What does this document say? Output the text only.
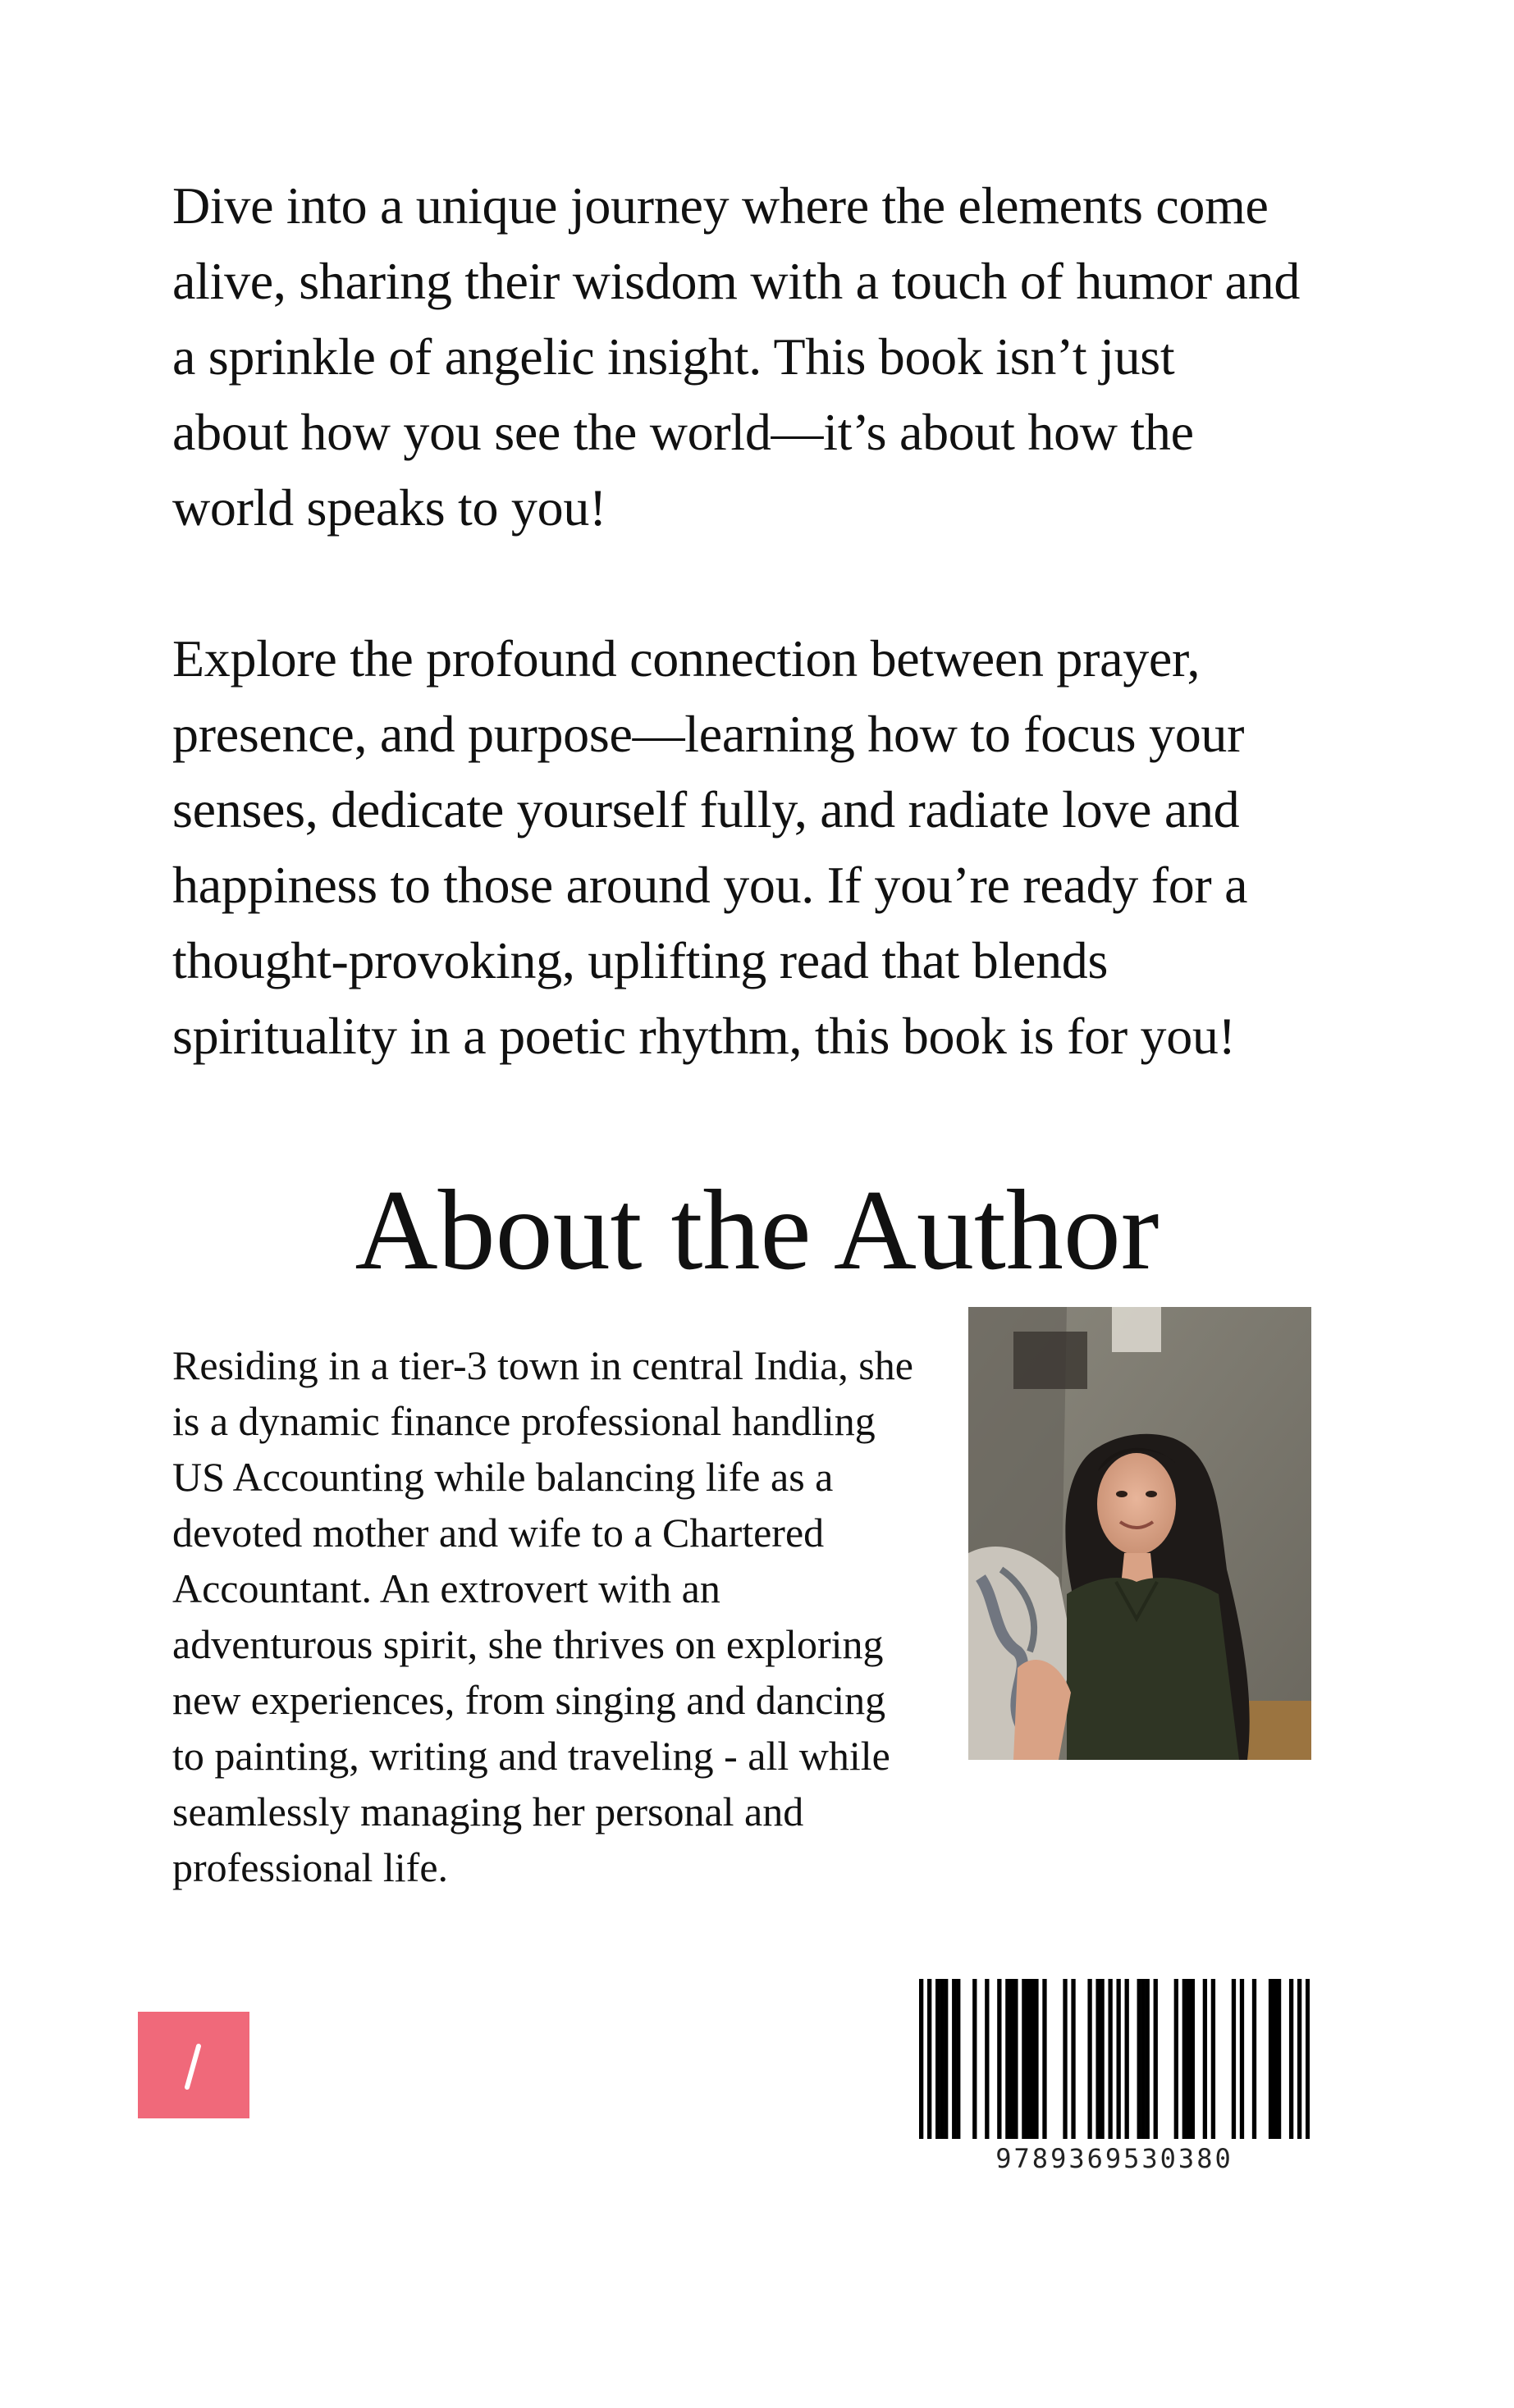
Dive into a unique journey where the elements come
alive, sharing their wisdom with a touch of humor and
a sprinkle of angelic insight. This book isn’t just
about how you see the world—it’s about how the
world speaks to you!

Explore the profound connection between prayer,
presence, and purpose—learning how to focus your
senses, dedicate yourself fully, and radiate love and
happiness to those around you. If you’re ready for a
thought-provoking, uplifting read that blends
spirituality in a poetic rhythm, this book is for you!

About the Author

Residing in a tier-3 town in central India, she
is a dynamic finance professional handling
US Accounting while balancing life as a
devoted mother and wife to a Chartered
Accountant. An extrovert with an
adventurous spirit, she thrives on exploring
new experiences, from singing and dancing
to painting, writing and traveling - all while
seamlessly managing her personal and
professional life.

9789369530380
